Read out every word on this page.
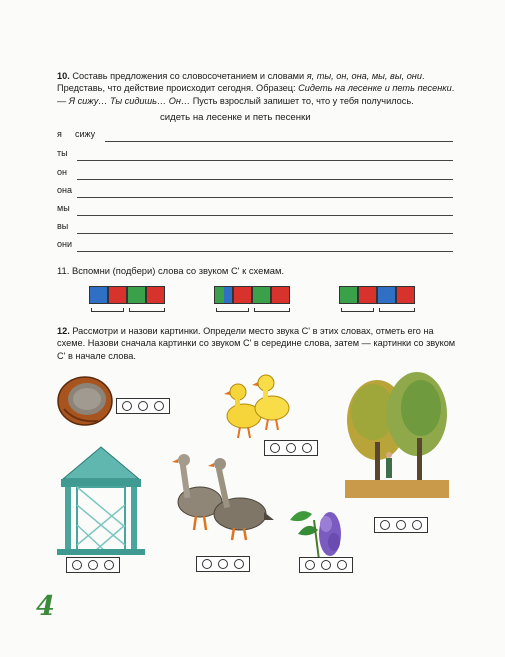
10. Составь предложения со словосочетанием и словами я, ты, он, она, мы, вы, они. Представь, что действие происходит сегодня. Образец: Сидеть на лесенке и петь песенки. — Я сижу… Ты сидишь… Он… Пусть взрослый запишет то, что у тебя получилось.
сидеть на лесенке и петь песенки
я сижу
ты
он
она
мы
вы
они
11. Вспомни (подбери) слова со звуком С' к схемам.
12. Рассмотри и назови картинки. Определи место звука С' в этих словах, отметь его на схеме. Назови сначала картинки со звуком С' в середине слова, затем — картинки со звуком С' в начале слова.
4
